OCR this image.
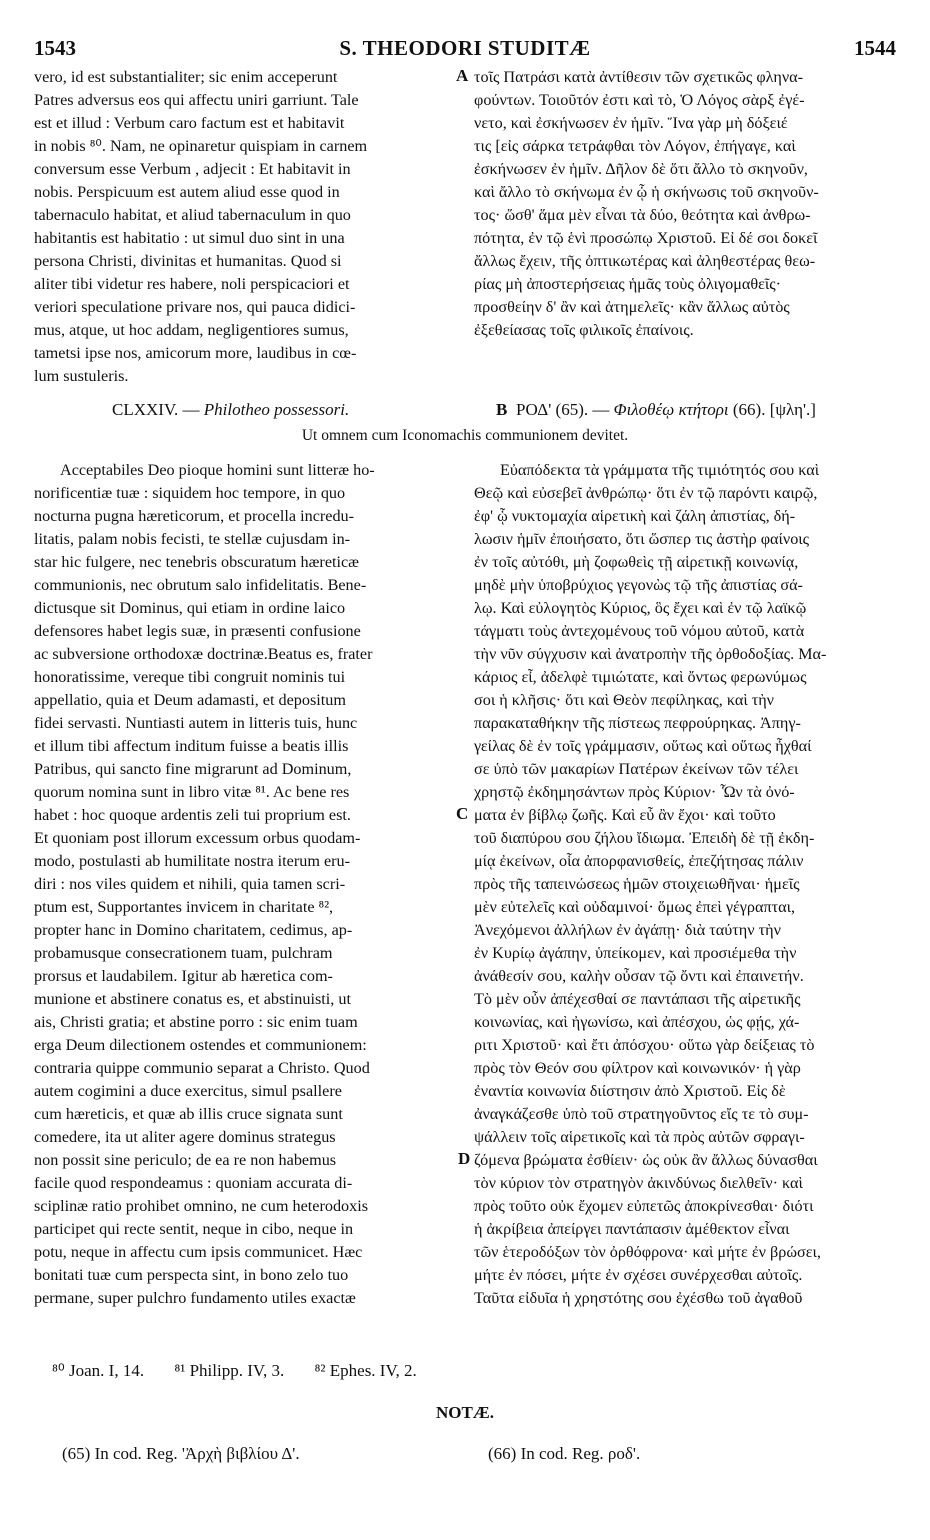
1543	S. THEODORI STUDITÆ	1544

vero, id est substantialiter; sic enim acceperunt

Patres adversus eos qui affectu uniri garriunt. Tale

est et illud : Verbum caro factum est et habitavit

in nobis ⁸⁰. Nam, ne opinaretur quispiam in carnem

conversum esse Verbum , adjecit : Et habitavit in

nobis. Perspicuum est autem aliud esse quod in

tabernaculo habitat, et aliud tabernaculum in quo

habitantis est habitatio : ut simul duo sint in una

persona Christi, divinitas et humanitas. Quod si

aliter tibi videtur res habere, noli perspicaciori et

veriori speculatione privare nos, qui pauca didici-

mus, atque, ut hoc addam, negligentiores sumus,

tametsi ipse nos, amicorum more, laudibus in cœ-

lum sustuleris.

τοῖς Πατράσι κατὰ ἀντίθεσιν τῶν σχετικῶς φληνα-

φούντων. Τοιοῦτόν ἐστι καὶ τὸ, Ὁ Λόγος σὰρξ ἐγέ-

νετο, καὶ ἐσκήνωσεν ἐν ἡμῖν. Ἵνα γὰρ μὴ δόξειέ

τις [εἰς σάρκα τετράφθαι τὸν Λόγον, ἐπήγαγε, καὶ

ἐσκήνωσεν ἐν ἡμῖν. Δῆλον δὲ ὅτι ἄλλο τὸ σκηνοῦν,

καὶ ἄλλο τὸ σκήνωμα ἐν ᾧ ἡ σκήνωσις τοῦ σκηνοῦν-

τος· ὥσθ' ἅμα μὲν εἶναι τὰ δύο, θεότητα καὶ ἀνθρω-

πότητα, ἐν τῷ ἑνὶ προσώπῳ Χριστοῦ. Εἰ δέ σοι δοκεῖ

ἄλλως ἔχειν, τῆς ὀπτικωτέρας καὶ ἀληθεστέρας θεω-

ρίας μὴ ἀποστερήσειας ἡμᾶς τοὺς ὀλιγομαθεῖς·

προσθείην δ' ἂν καὶ ἀτημελεῖς· κἂν ἄλλως αὐτὸς

ἐξεθείασας τοῖς φιλικοῖς ἐπαίνοις.

A
CLXXIV. — Philotheo possessori.	B ΡΟΔ' (65). — Φιλοθέῳ κτήτορι (66). [ψλη'.]
Ut omnem cum Iconomachis communionem devitet.

Acceptabiles Deo pioque homini sunt litteræ ho-

norificentiæ tuæ : siquidem hoc tempore, in quo

nocturna pugna hæreticorum, et procella incredu-

litatis, palam nobis fecisti, te stellæ cujusdam in-

star hic fulgere, nec tenebris obscuratum hæreticæ

communionis, nec obrutum salo infidelitatis. Bene-

dictusque sit Dominus, qui etiam in ordine laico

defensores habet legis suæ, in præsenti confusione

ac subversione orthodoxæ doctrinæ.Beatus es, frater

honoratissime, vereque tibi congruit nominis tui

appellatio, quia et Deum adamasti, et depositum

fidei servasti. Nuntiasti autem in litteris tuis, hunc

et illum tibi affectum inditum fuisse a beatis illis

Patribus, qui sancto fine migrarunt ad Dominum,

quorum nomina sunt in libro vitæ ⁸¹. Ac bene res

habet : hoc quoque ardentis zeli tui proprium est.

Et quoniam post illorum excessum orbus quodam-

modo, postulasti ab humilitate nostra iterum eru-

diri : nos viles quidem et nihili, quia tamen scri-

ptum est, Supportantes invicem in charitate ⁸²,

propter hanc in Domino charitatem, cedimus, ap-

probamusque consecrationem tuam, pulchram

prorsus et laudabilem. Igitur ab hæretica com-

munione et abstinere conatus es, et abstinuisti, ut

ais, Christi gratia; et abstine porro : sic enim tuam

erga Deum dilectionem ostendes et communionem:

contraria quippe communio separat a Christo. Quod

autem cogimini a duce exercitus, simul psallere

cum hæreticis, et quæ ab illis cruce signata sunt

comedere, ita ut aliter agere dominus strategus

non possit sine periculo; de ea re non habemus

facile quod respondeamus : quoniam accurata di-

sciplinæ ratio prohibet omnino, ne cum heterodoxis

participet qui recte sentit, neque in cibo, neque in

potu, neque in affectu cum ipsis communicet. Hæc

bonitati tuæ cum perspecta sint, in bono zelo tuo

permane, super pulchro fundamento utiles exactæ

Εὐαπόδεκτα τὰ γράμματα τῆς τιμιότητός σου καὶ

Θεῷ καὶ εὐσεβεῖ ἀνθρώπῳ· ὅτι ἐν τῷ παρόντι καιρῷ,

ἐφ' ᾧ νυκτομαχία αἱρετικὴ καὶ ζάλη ἀπιστίας, δή-

λωσιν ἡμῖν ἐποιήσατο, ὅτι ὥσπερ τις ἀστὴρ φαίνοις

ἐν τοῖς αὐτόθι, μὴ ζοφωθεὶς τῇ αἱρετικῇ κοινωνίᾳ,

μηδὲ μὴν ὑποβρύχιος γεγονὼς τῷ τῆς ἀπιστίας σά-

λῳ. Καὶ εὐλογητὸς Κύριος, ὃς ἔχει καὶ ἐν τῷ λαϊκῷ

τάγματι τοὺς ἀντεχομένους τοῦ νόμου αὐτοῦ, κατὰ

τὴν νῦν σύγχυσιν καὶ ἀνατροπὴν τῆς ὀρθοδοξίας. Μα-

κάριος εἶ, ἀδελφὲ τιμιώτατε, καὶ ὄντως φερωνύμως

σοι ἡ κλῆσις· ὅτι καὶ Θεὸν πεφίληκας, καὶ τὴν

παρακαταθήκην τῆς πίστεως πεφρούρηκας. Ἀπηγ-

γείλας δὲ ἐν τοῖς γράμμασιν, οὕτως καὶ οὕτως ἦχθαί

σε ὑπὸ τῶν μακαρίων Πατέρων ἐκείνων τῶν τέλει

χρηστῷ ἐκδημησάντων πρὸς Κύριον· Ὧν τὰ ὀνό-

ματα ἐν βίβλῳ ζωῆς. Καὶ εὖ ἂν ἔχοι· καὶ τοῦτο

τοῦ διαπύρου σου ζήλου ἴδιωμα. Ἐπειδὴ δὲ τῇ ἐκδη-

μίᾳ ἐκείνων, οἷα ἀπορφανισθείς, ἐπεζήτησας πάλιν

πρὸς τῆς ταπεινώσεως ἡμῶν στοιχειωθῆναι· ἡμεῖς

μὲν εὐτελεῖς καὶ οὐδαμινοί· ὅμως ἐπεὶ γέγραπται,

Ἀνεχόμενοι ἀλλήλων ἐν ἀγάπῃ· διὰ ταύτην τὴν

ἐν Κυρίῳ ἀγάπην, ὑπείκομεν, καὶ προσιέμεθα τὴν

ἀνάθεσίν σου, καλὴν οὖσαν τῷ ὄντι καὶ ἐπαινετήν.

Τὸ μὲν οὖν ἀπέχεσθαί σε παντάπασι τῆς αἱρετικῆς

κοινωνίας, καὶ ἠγωνίσω, καὶ ἀπέσχου, ὡς φῄς, χά-

ριτι Χριστοῦ· καὶ ἔτι ἀπόσχου· οὕτω γὰρ δείξειας τὸ

πρὸς τὸν Θεόν σου φίλτρον καὶ κοινωνικόν· ἡ γὰρ

ἐναντία κοινωνία διίστησιν ἀπὸ Χριστοῦ. Εἰς δὲ

ἀναγκάζεσθε ὑπὸ τοῦ στρατηγοῦντος εἴς τε τὸ συμ-

ψάλλειν τοῖς αἱρετικοῖς καὶ τὰ πρὸς αὐτῶν σφραγι-

ζόμενα βρώματα ἐσθίειν· ὡς οὐκ ἂν ἄλλως δύνασθαι

τὸν κύριον τὸν στρατηγὸν ἀκινδύνως διελθεῖν· καὶ

πρὸς τοῦτο οὐκ ἔχομεν εὐπετῶς ἀποκρίνεσθαι· διότι

ἡ ἀκρίβεια ἀπείργει παντάπασιν ἀμέθεκτον εἶναι

τῶν ἑτεροδόξων τὸν ὀρθόφρονα· καὶ μήτε ἐν βρώσει,

μήτε ἐν πόσει, μήτε ἐν σχέσει συνέρχεσθαι αὐτοῖς.

Ταῦτα εἰδυῖα ἡ χρηστότης σου ἐχέσθω τοῦ ἀγαθοῦ

C
D
⁸⁰ Joan. I, 14. ⁸¹ Philipp. IV, 3. ⁸² Ephes. IV, 2.
NOTÆ.
(65) In cod. Reg. 'Ἀρχὴ βιβλίου Δ'.	(66) In cod. Reg. ροδ'.
